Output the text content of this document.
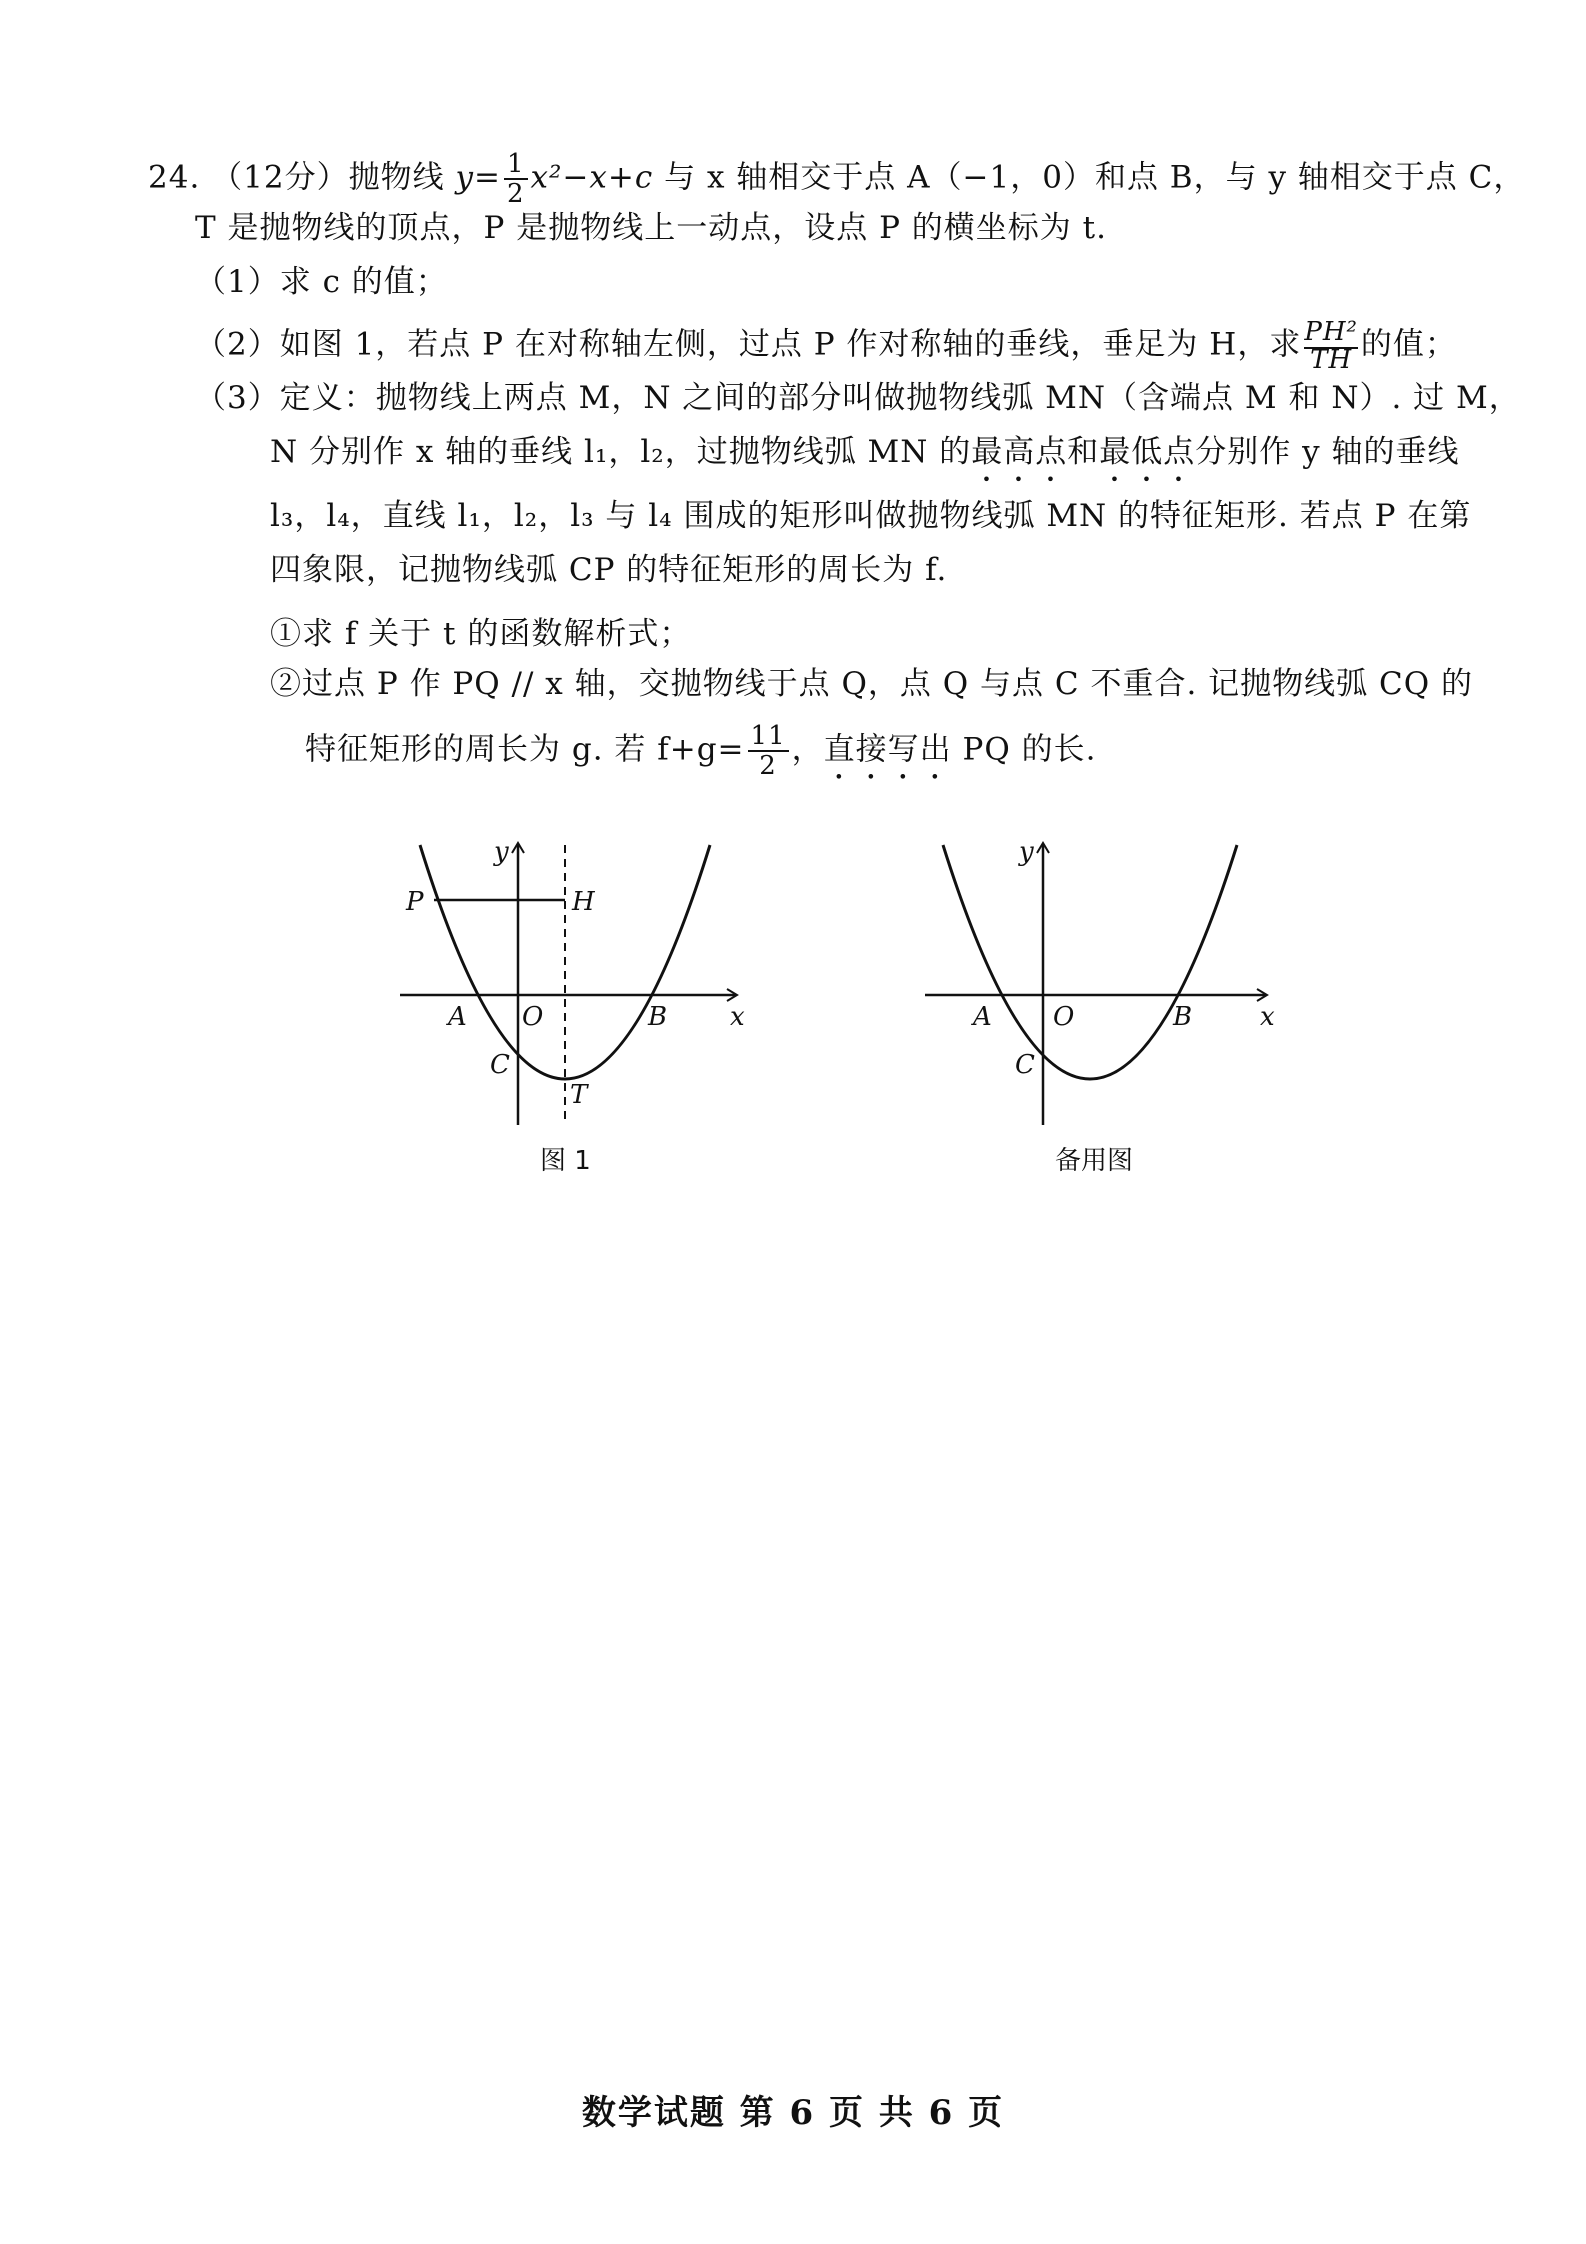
24. （12分）抛物线 $y= \frac{1}{2} x^2-x+c$ 与 x 轴相交于点 A（−1，0）和点 B，与 y 轴相交于点 C，
T 是抛物线的顶点，P 是抛物线上一动点，设点 P 的横坐标为 t.
（1）求 c 的值；
（2）如图 1，若点 P 在对称轴左侧，过点 P 作对称轴的垂线，垂足为 H，求 $\frac{\text{PH²}}{TH}$ 的值；
（3）定义：抛物线上两点 M，N 之间的部分叫做抛物线弧 MN（含端点 M 和 N）. 过 M，
N 分别作 x 轴的垂线 l₁，l₂，过抛物线弧 MN 的最高点和最低点分别作 y 轴的垂线
l₃，l₄，直线 l₁，l₂，l₃ 与 l₄ 围成的矩形叫做抛物线弧 MN 的特征矩形. 若点 P 在第
四象限，记抛物线弧 CP 的特征矩形的周长为 f.
①求 f 关于 t 的函数解析式；
②过点 P 作 PQ // x 轴，交抛物线于点 Q，点 Q 与点 C 不重合. 记抛物线弧 CQ 的
特征矩形的周长为 g. 若 $f+g= \frac{11}{2}$ ，直接写出 PQ 的长.
y
x
P	H
A O	B
C
T
图 1
y
x
A O	B
C
备用图
数学试题 第 6 页 共 6 页
